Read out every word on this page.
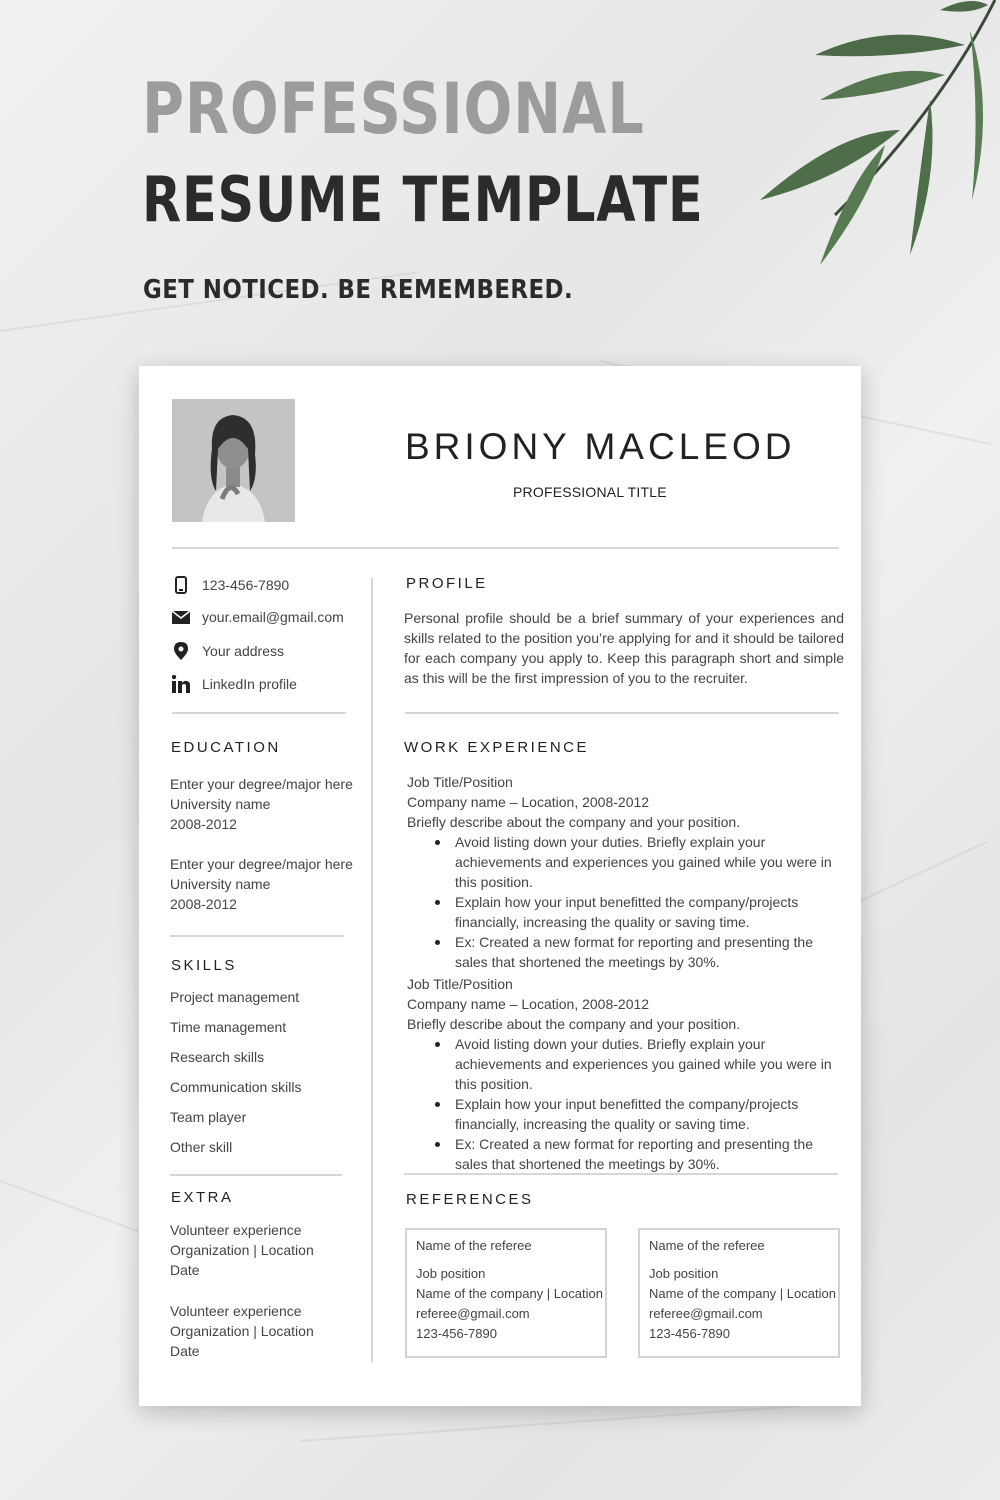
PROFESSIONAL
RESUME TEMPLATE
GET NOTICED. BE REMEMBERED.
BRIONY MACLEOD
PROFESSIONAL TITLE
123-456-7890
your.email@gmail.com
Your address
LinkedIn profile
EDUCATION
Enter your degree/major here
University name
2008-2012
Enter your degree/major here
University name
2008-2012
SKILLS
Project management
Time management
Research skills
Communication skills
Team player
Other skill
EXTRA
Volunteer experience
Organization | Location
Date
Volunteer experience
Organization | Location
Date
PROFILE
Personal profile should be a brief summary of your experiences and skills related to the position you’re applying for and it should be tailored for each company you apply to. Keep this paragraph short and simple as this will be the first impression of you to the recruiter.
WORK EXPERIENCE
Job Title/Position
Company name – Location, 2008-2012
Briefly describe about the company and your position.
Avoid listing down your duties. Briefly explain your achievements and experiences you gained while you were in this position.
Explain how your input benefitted the company/projects financially, increasing the quality or saving time.
Ex: Created a new format for reporting and presenting the sales that shortened the meetings by 30%.
Job Title/Position
Company name – Location, 2008-2012
Briefly describe about the company and your position.
Avoid listing down your duties. Briefly explain your achievements and experiences you gained while you were in this position.
Explain how your input benefitted the company/projects financially, increasing the quality or saving time.
Ex: Created a new format for reporting and presenting the sales that shortened the meetings by 30%.
REFERENCES
Name of the referee
Job position
Name of the company | Location
referee@gmail.com
123-456-7890
Name of the referee
Job position
Name of the company | Location
referee@gmail.com
123-456-7890
